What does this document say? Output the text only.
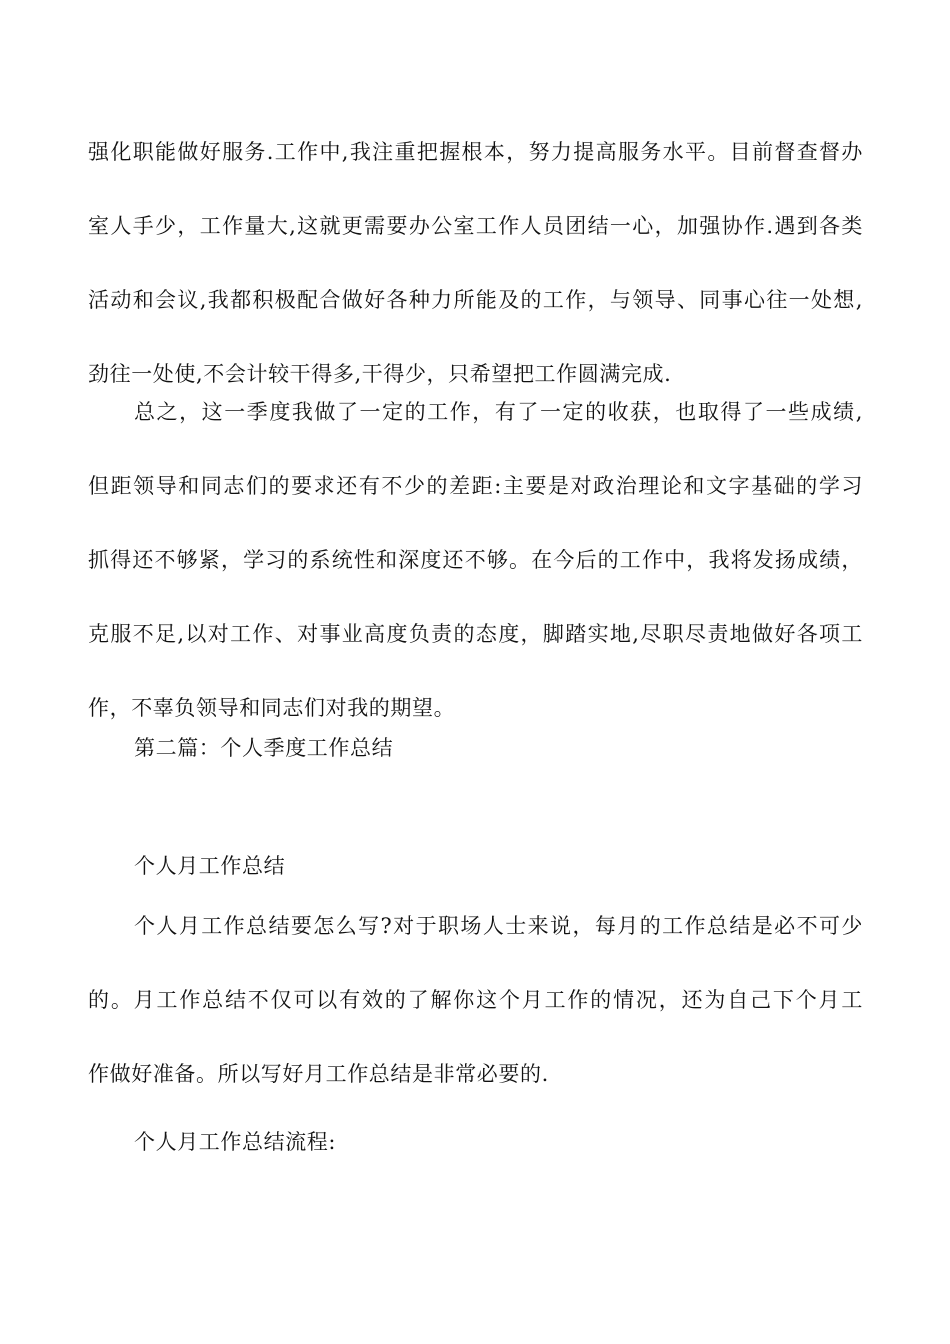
强化职能做好服务.工作中,我注重把握根本，努力提高服务水平。目前督查督办
室人手少，工作量大,这就更需要办公室工作人员团结一心，加强协作.遇到各类
活动和会议,我都积极配合做好各种力所能及的工作，与领导、同事心往一处想,
劲往一处使,不会计较干得多,干得少，只希望把工作圆满完成.
总之，这一季度我做了一定的工作，有了一定的收获，也取得了一些成绩,
但距领导和同志们的要求还有不少的差距:主要是对政治理论和文字基础的学习
抓得还不够紧，学习的系统性和深度还不够。在今后的工作中，我将发扬成绩，
克服不足,以对工作、对事业高度负责的态度，脚踏实地,尽职尽责地做好各项工
作，不辜负领导和同志们对我的期望。
第二篇：个人季度工作总结
个人月工作总结
个人月工作总结要怎么写?对于职场人士来说，每月的工作总结是必不可少
的。月工作总结不仅可以有效的了解你这个月工作的情况，还为自己下个月工
作做好准备。所以写好月工作总结是非常必要的.
个人月工作总结流程:
